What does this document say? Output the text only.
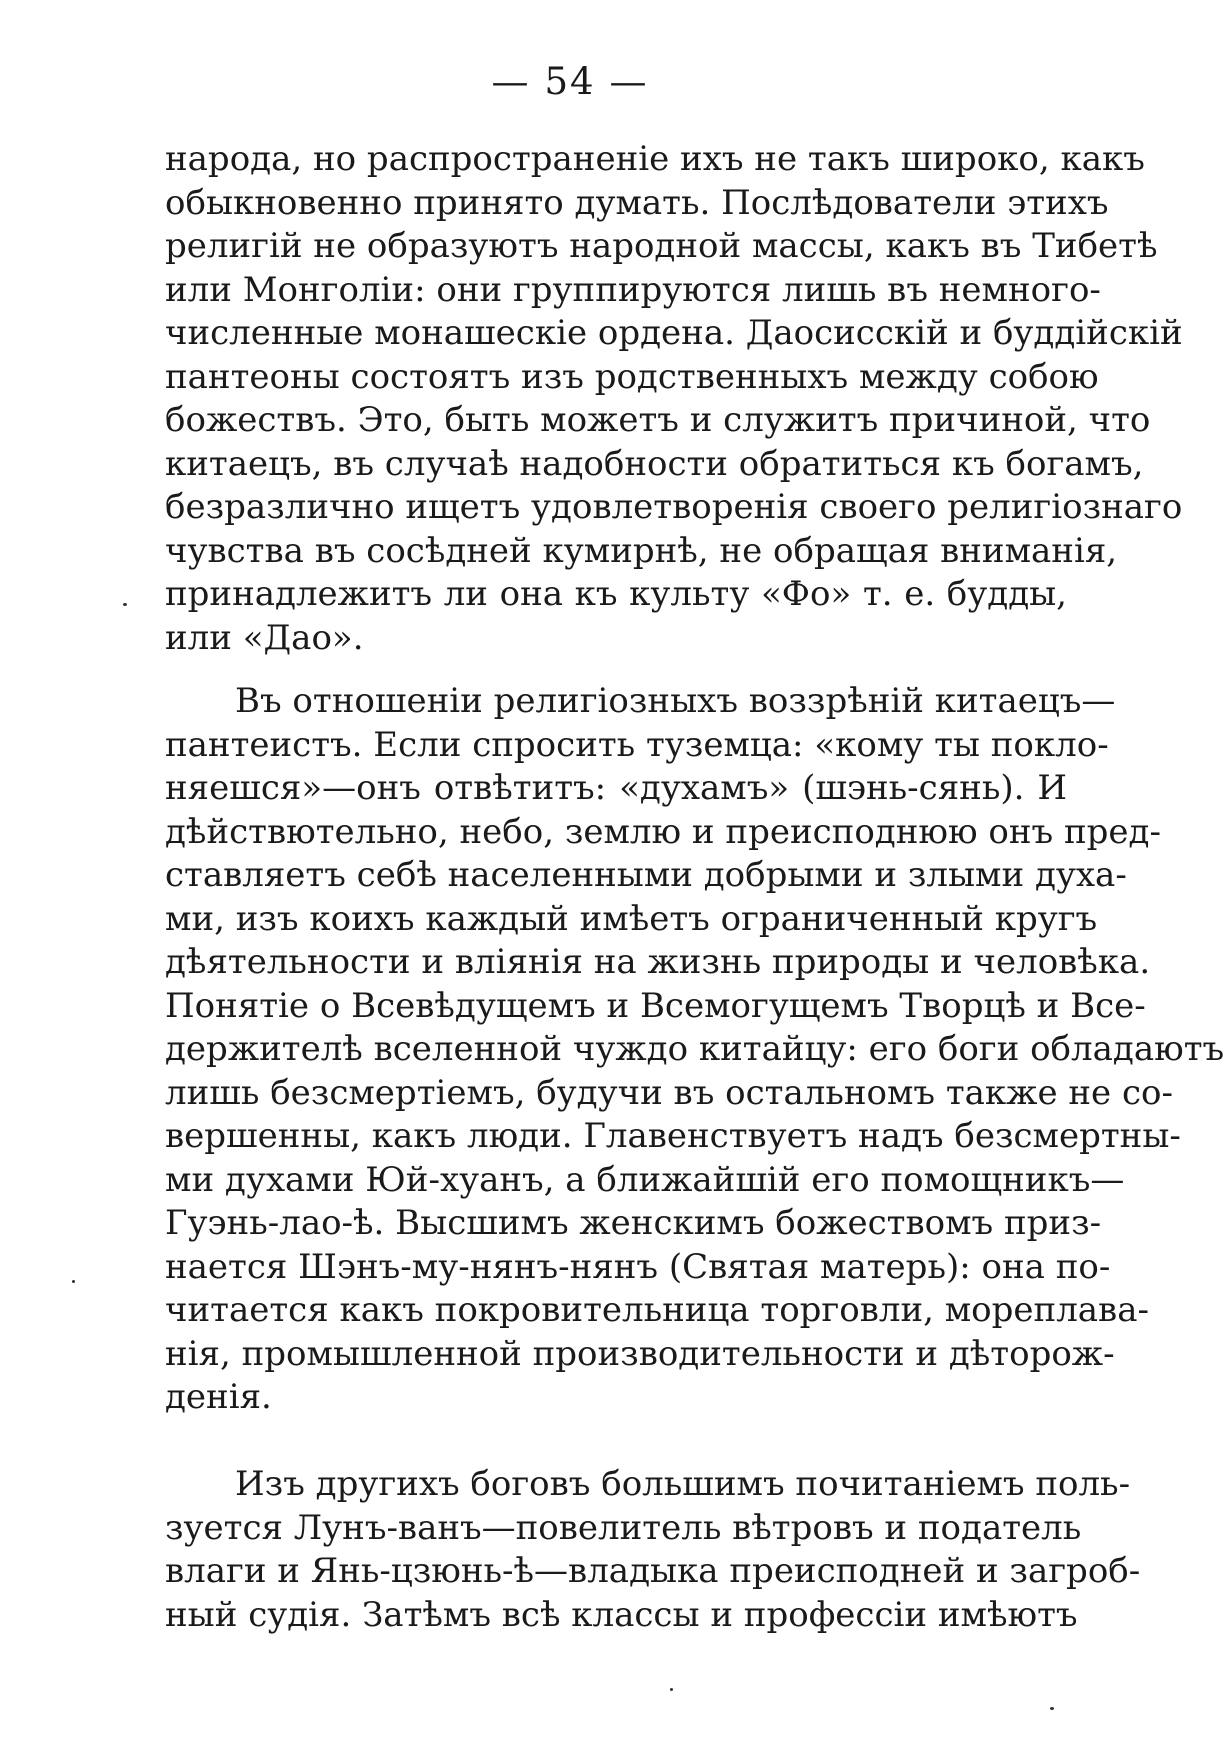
— 54 —
народа, но распространеніе ихъ не такъ широко, какъ
обыкновенно принято думать. Послѣдователи этихъ
религій не образуютъ народной массы, какъ въ Тибетѣ
или Монголіи: они группируются лишь въ немного-
численные монашескіе ордена. Даосисскій и буддійскій
пантеоны состоятъ изъ родственныхъ между собою
божествъ. Это, быть можетъ и служитъ причиной, что
китаецъ, въ случаѣ надобности обратиться къ богамъ,
безразлично ищетъ удовлетворенія своего религіознаго
чувства въ сосѣдней кумирнѣ, не обращая вниманія,
принадлежитъ ли она къ культу «Фо» т. е. будды,
или «Дао».
Въ отношеніи религіозныхъ воззрѣній китаецъ—
пантеистъ. Если спросить туземца: «кому ты покло-
няешся»—онъ отвѣтитъ: «духамъ» (шэнь-сянь). И
дѣйствютельно, небо, землю и преисподнюю онъ пред-
ставляетъ себѣ населенными добрыми и злыми духа-
ми, изъ коихъ каждый имѣетъ ограниченный кругъ
дѣятельности и вліянія на жизнь природы и человѣка.
Понятіе о Всевѣдущемъ и Всемогущемъ Творцѣ и Все-
держителѣ вселенной чуждо китайцу: его боги обладаютъ
лишь безсмертіемъ, будучи въ остальномъ также не со-
вершенны, какъ люди. Главенствуетъ надъ безсмертны-
ми духами Юй-хуанъ, а ближайшій его помощникъ—
Гуэнь-лао-ѣ. Высшимъ женскимъ божествомъ приз-
нается Шэнъ-му-нянъ-нянъ (Святая матерь): она по-
читается какъ покровительница торговли, мореплава-
нія, промышленной производительности и дѣторож-
денія.
Изъ другихъ боговъ большимъ почитаніемъ поль-
зуется Лунъ-ванъ—повелитель вѣтровъ и податель
влаги и Янь-цзюнь-ѣ—владыка преисподней и загроб-
ный судія. Затѣмъ всѣ классы и профессіи имѣютъ
